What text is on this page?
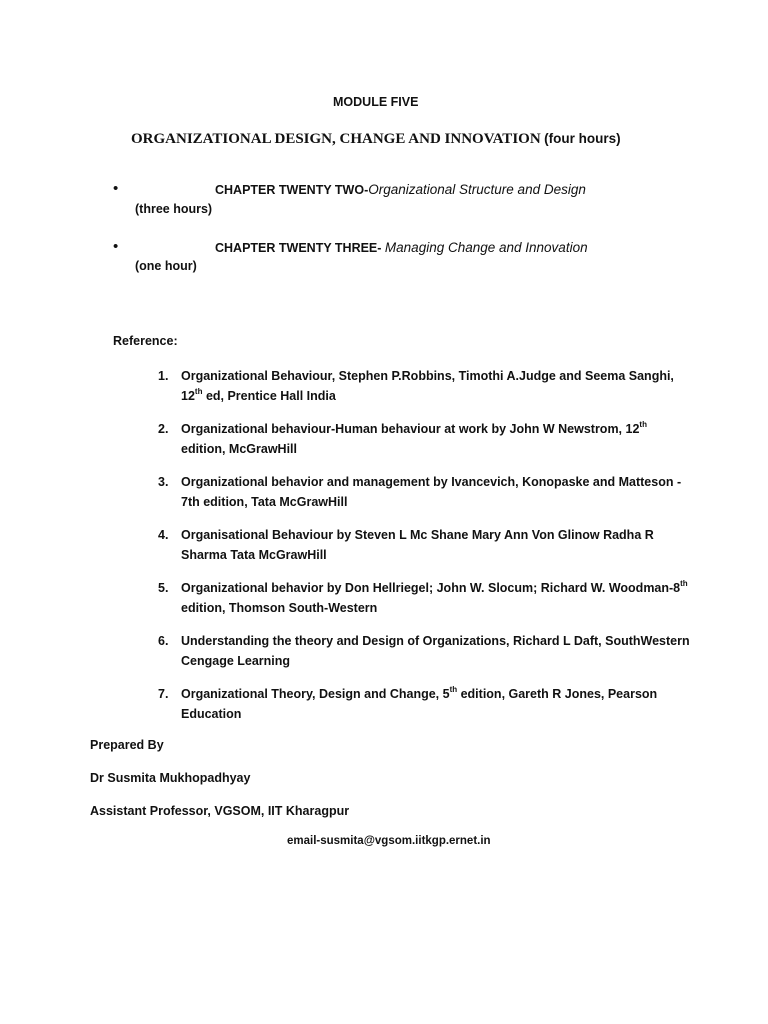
MODULE FIVE
ORGANIZATIONAL DESIGN, CHANGE AND INNOVATION (four hours)
•	CHAPTER TWENTY TWO-Organizational Structure and Design
(three hours)
•	CHAPTER TWENTY THREE- Managing Change and Innovation
(one hour)
Reference:
1. Organizational Behaviour, Stephen P.Robbins, Timothi A.Judge and Seema Sanghi,
12th ed, Prentice Hall India
2. Organizational behaviour-Human behaviour at work by John W Newstrom, 12th
edition, McGrawHill
3. Organizational behavior and management by Ivancevich, Konopaske and Matteson -
7th edition, Tata McGrawHill
4. Organisational Behaviour by Steven L Mc Shane Mary Ann Von Glinow Radha R
Sharma Tata McGrawHill
5. Organizational behavior by Don Hellriegel; John W. Slocum; Richard W. Woodman-8th
edition, Thomson South-Western
6. Understanding the theory and Design of Organizations, Richard L Daft, SouthWestern
Cengage Learning
7. Organizational Theory, Design and Change, 5th edition, Gareth R Jones, Pearson
Education
Prepared By
Dr Susmita Mukhopadhyay
Assistant Professor, VGSOM, IIT Kharagpur
email-susmita@vgsom.iitkgp.ernet.in
